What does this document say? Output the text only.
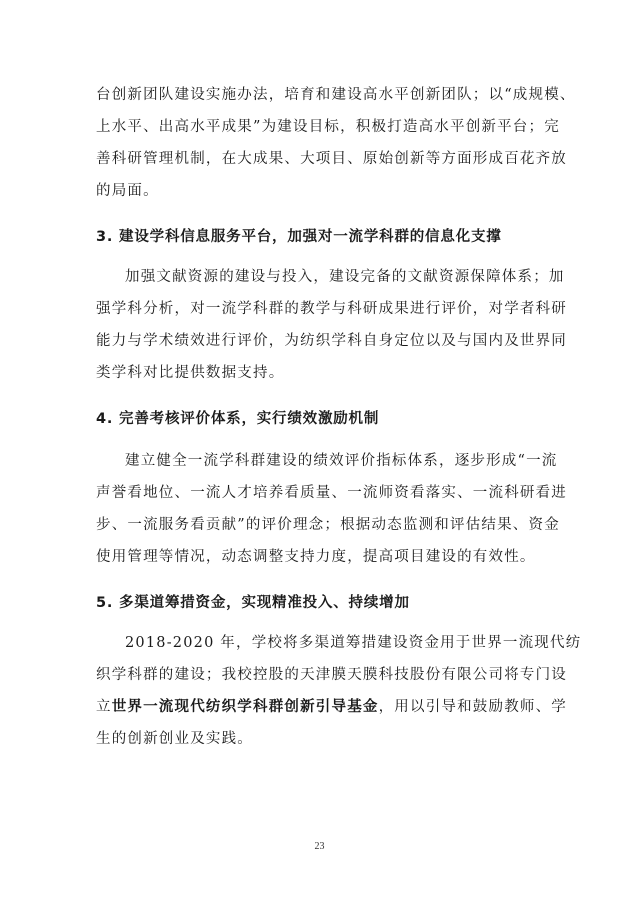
台创新团队建设实施办法，培育和建设高水平创新团队；以“成规模、
上水平、出高水平成果”为建设目标，积极打造高水平创新平台；完
善科研管理机制，在大成果、大项目、原始创新等方面形成百花齐放
的局面。
3. 建设学科信息服务平台，加强对一流学科群的信息化支撑
加强文献资源的建设与投入，建设完备的文献资源保障体系；加
强学科分析，对一流学科群的教学与科研成果进行评价，对学者科研
能力与学术绩效进行评价，为纺织学科自身定位以及与国内及世界同
类学科对比提供数据支持。
4. 完善考核评价体系，实行绩效激励机制
建立健全一流学科群建设的绩效评价指标体系，逐步形成“一流
声誉看地位、一流人才培养看质量、一流师资看落实、一流科研看进
步、一流服务看贡献”的评价理念；根据动态监测和评估结果、资金
使用管理等情况，动态调整支持力度，提高项目建设的有效性。
5. 多渠道筹措资金，实现精准投入、持续增加
2018-2020 年，学校将多渠道筹措建设资金用于世界一流现代纺
织学科群的建设；我校控股的天津膜天膜科技股份有限公司将专门设
立世界一流现代纺织学科群创新引导基金，用以引导和鼓励教师、学
生的创新创业及实践。
23
